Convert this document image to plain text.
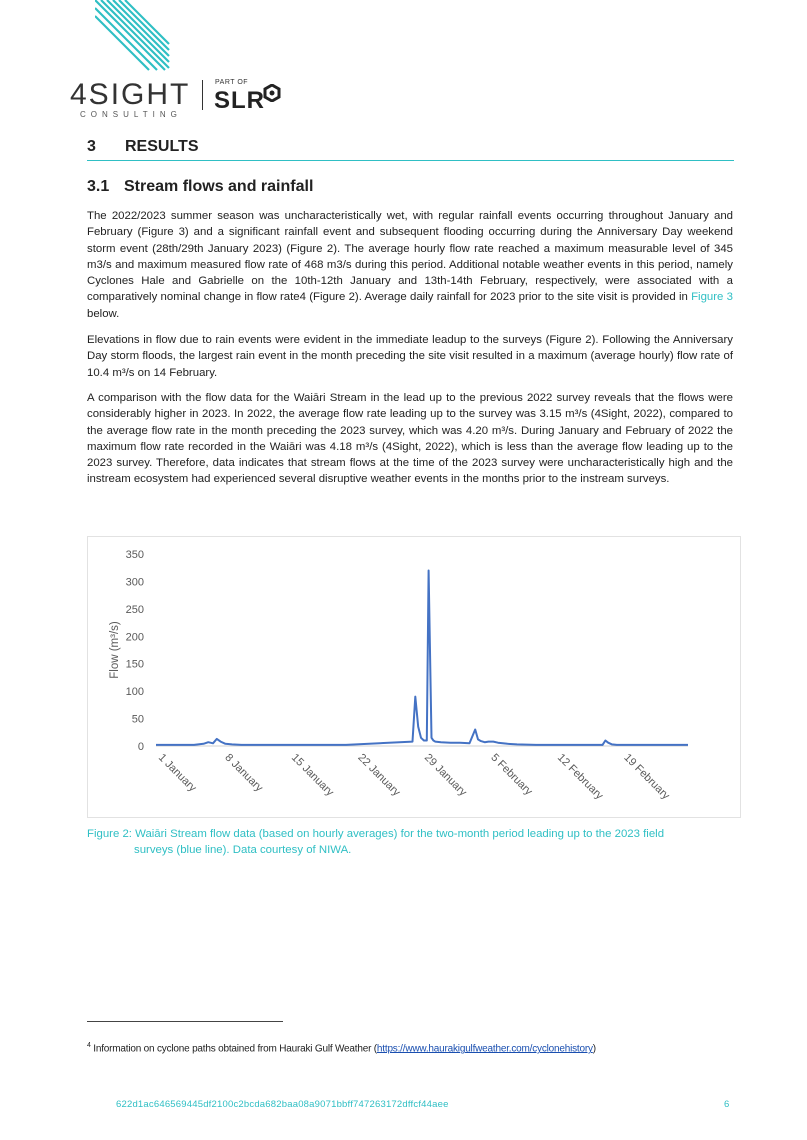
4SIGHT
CONSULTING
PART OF
SLR
3 RESULTS
3.1 Stream flows and rainfall

The 2022/2023 summer season was uncharacteristically wet, with regular rainfall events occurring throughout January and February (Figure 3) and a significant rainfall event and subsequent flooding occurring during the Anniversary Day weekend storm event (28th/29th January 2023) (Figure 2). The average hourly flow rate reached a maximum measurable level of 345 m3/s and maximum measured flow rate of 468 m3/s during this period. Additional notable weather events in this period, namely Cyclones Hale and Gabrielle on the 10th-12th January and 13th-14th February, respectively, were associated with a comparatively nominal change in flow rate4 (Figure 2). Average daily rainfall for 2023 prior to the site visit is provided in Figure 3 below.

Elevations in flow due to rain events were evident in the immediate leadup to the surveys (Figure 2). Following the Anniversary Day storm floods, the largest rain event in the month preceding the site visit resulted in a maximum (average hourly) flow rate of 10.4 m³/s on 14 February.

A comparison with the flow data for the Waiāri Stream in the lead up to the previous 2022 survey reveals that the flows were considerably higher in 2023. In 2022, the average flow rate leading up to the survey was 3.15 m³/s (4Sight, 2022), compared to the average flow rate in the month preceding the 2023 survey, which was 4.20 m³/s. During January and February of 2022 the maximum flow rate recorded in the Waiāri was 4.18 m³/s (4Sight, 2022), which is less than the average flow leading up to the 2023 survey. Therefore, data indicates that stream flows at the time of the 2023 survey were uncharacteristically high and the instream ecosystem had experienced several disruptive weather events in the months prior to the instream surveys.

0
50
100
150
200
250
300
350
Flow (m³/s)
1 January 8 January 15 January 22 January 29 January 5 February 12 February 19 February
Figure 2: Waiāri Stream flow data (based on hourly averages) for the two-month period leading up to the 2023 field
surveys (blue line). Data courtesy of NIWA.
$^4$ Information on cyclone paths obtained from Hauraki Gulf Weather (https://www.haurakigulfweather.com/cyclonehistory)
622d1ac646569445df2100c2bcda682baa08a9071bbff747263172dffcf44aee	6
